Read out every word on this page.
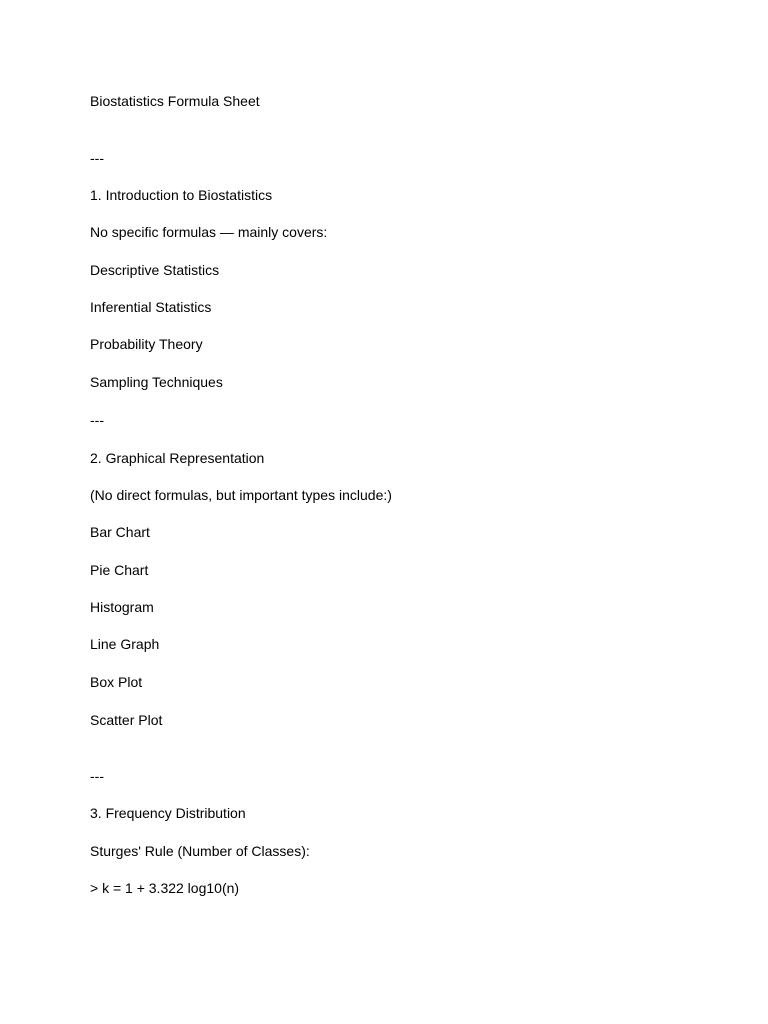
Biostatistics Formula Sheet
---
1. Introduction to Biostatistics
No specific formulas — mainly covers:
Descriptive Statistics
Inferential Statistics
Probability Theory
Sampling Techniques
---
2. Graphical Representation
(No direct formulas, but important types include:)
Bar Chart
Pie Chart
Histogram
Line Graph
Box Plot
Scatter Plot
---
3. Frequency Distribution
Sturges' Rule (Number of Classes):
> k = 1 + 3.322 log10(n)
